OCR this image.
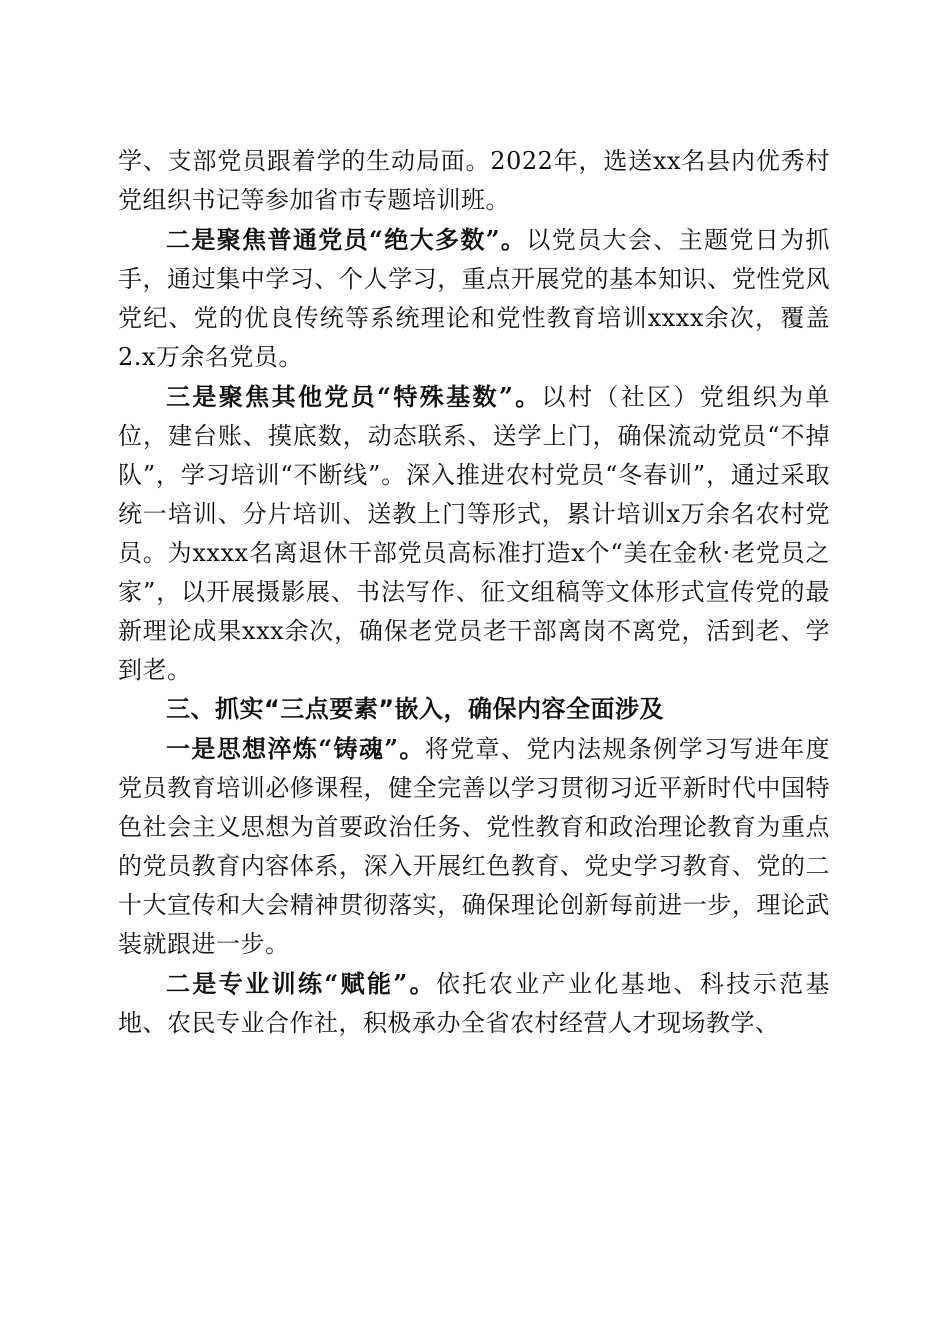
学、支部党员跟着学的生动局面。2022年，选送xx名县内优秀村党组织书记等参加省市专题培训班。

二是聚焦普通党员“绝大多数”。以党员大会、主题党日为抓手，通过集中学习、个人学习，重点开展党的基本知识、党性党风党纪、党的优良传统等系统理论和党性教育培训xxxx余次，覆盖2.x万余名党员。

三是聚焦其他党员“特殊基数”。以村（社区）党组织为单位，建台账、摸底数，动态联系、送学上门，确保流动党员“不掉队”，学习培训“不断线”。深入推进农村党员“冬春训”，通过采取统一培训、分片培训、送教上门等形式，累计培训x万余名农村党员。为xxxx名离退休干部党员高标准打造x个“美在金秋·老党员之家”，以开展摄影展、书法写作、征文组稿等文体形式宣传党的最新理论成果xxx余次，确保老党员老干部离岗不离党，活到老、学到老。

三、抓实“三点要素”嵌入，确保内容全面涉及

一是思想淬炼“铸魂”。将党章、党内法规条例学习写进年度党员教育培训必修课程，健全完善以学习贯彻习近平新时代中国特色社会主义思想为首要政治任务、党性教育和政治理论教育为重点的党员教育内容体系，深入开展红色教育、党史学习教育、党的二十大宣传和大会精神贯彻落实，确保理论创新每前进一步，理论武装就跟进一步。

二是专业训练“赋能”。依托农业产业化基地、科技示范基地、农民专业合作社，积极承办全省农村经营人才现场教学、
